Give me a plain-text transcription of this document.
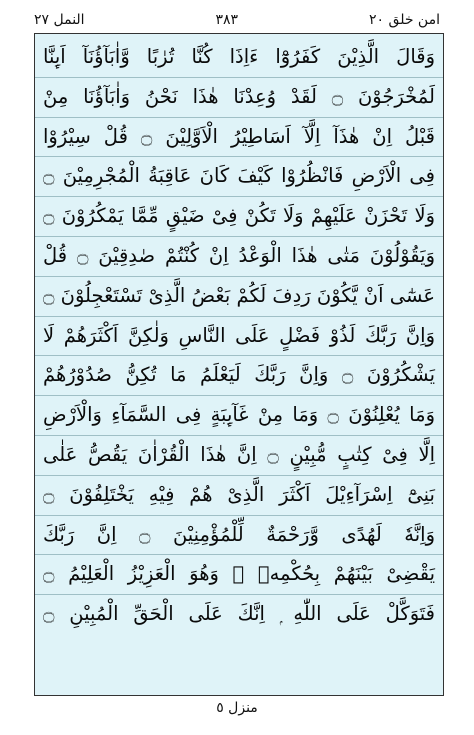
النمل ٢٧	٣٨٣	امن خلق ٢٠
وَقَالَ الَّذِيْنَ كَفَرُوْٓا ءَاِذَا كُنَّا تُرٰبًا وَّاٰبَآؤُنَآ اَىِٕنَّا
لَمُخْرَجُوْنَ ۝ لَقَدْ وُعِدْنَا هٰذَا نَحْنُ وَاٰبَآؤُنَا مِنْ
قَبْلُ اِنْ هٰذَآ اِلَّآ اَسَاطِيْرُ الْاَوَّلِيْنَ ۝ قُلْ سِيْرُوْا
فِى الْاَرْضِ فَانْظُرُوْا كَيْفَ كَانَ عَاقِبَةُ الْمُجْرِمِيْنَ ۝
وَلَا تَحْزَنْ عَلَيْهِمْ وَلَا تَكُنْ فِىْ ضَيْقٍ مِّمَّا يَمْكُرُوْنَ ۝
وَيَقُوْلُوْنَ مَتٰى هٰذَا الْوَعْدُ اِنْ كُنْتُمْ صٰدِقِيْنَ ۝ قُلْ
عَسٰٓى اَنْ يَّكُوْنَ رَدِفَ لَكُمْ بَعْضُ الَّذِىْ تَسْتَعْجِلُوْنَ ۝
وَاِنَّ رَبَّكَ لَذُوْ فَضْلٍ عَلَى النَّاسِ وَلٰكِنَّ اَكْثَرَهُمْ لَا
يَشْكُرُوْنَ ۝ وَاِنَّ رَبَّكَ لَيَعْلَمُ مَا تُكِنُّ صُدُوْرُهُمْ
وَمَا يُعْلِنُوْنَ ۝ وَمَا مِنْ غَآىِٕبَةٍ فِى السَّمَآءِ وَالْاَرْضِ
اِلَّا فِىْ كِتٰبٍ مُّبِيْنٍ ۝ اِنَّ هٰذَا الْقُرْاٰنَ يَقُصُّ عَلٰى
بَنِىْٓ اِسْرَآءِيْلَ اَكْثَرَ الَّذِىْ هُمْ فِيْهِ يَخْتَلِفُوْنَ ۝
وَاِنَّهٗ لَهُدًى وَّرَحْمَةٌ لِّلْمُؤْمِنِيْنَ ۝ اِنَّ رَبَّكَ
يَقْضِىْ بَيْنَهُمْ بِحُكْمِهٖ ۚ وَهُوَ الْعَزِيْزُ الْعَلِيْمُ ۝
فَتَوَكَّلْ عَلَى اللّٰهِ ۭ اِنَّكَ عَلَى الْحَقِّ الْمُبِيْنِ ۝
منزل ٥
